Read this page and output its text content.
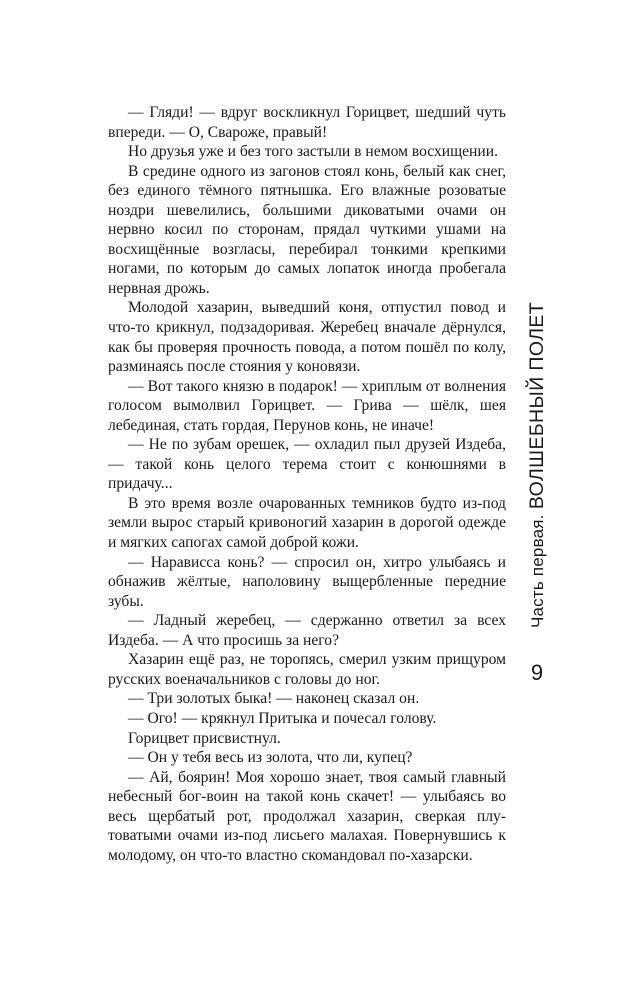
— Гляди! — вдруг воскликнул Горицвет, шедший чуть впереди. — О, Свароже, правый!

Но друзья уже и без того застыли в немом восхищении.

В средине одного из загонов стоял конь, белый как снег, без единого тёмного пятнышка. Его влажные розоватые ноздри шевелились, большими диковатыми очами он нервно косил по сторонам, прядал чуткими ушами на восхищённые возгласы, перебирал тонкими крепкими ногами, по которым до самых лопаток иногда пробегала нервная дрожь.

Молодой хазарин, выведший коня, отпустил повод и что-то крикнул, подзадоривая. Жеребец вначале дёрнулся, как бы проверяя прочность повода, а потом пошёл по колу, разминаясь после стояния у коновязи.

— Вот такого князю в подарок! — хриплым от волнения голосом вымолвил Горицвет. — Грива — шёлк, шея лебединая, стать гордая, Перунов конь, не иначе!

— Не по зубам орешек, — охладил пыл друзей Издеба, — такой конь целого терема стоит с конюшнями в придачу...

В это время возле очарованных темников будто из-под земли вырос старый кривоногий хазарин в дорогой одежде и мягких сапогах самой доброй кожи.

— Нарависса конь? — спросил он, хитро улыбаясь и обнажив жёлтые, наполовину выщербленные передние зубы.

— Ладный жеребец, — сдержанно ответил за всех Издеба. — А что просишь за него?

Хазарин ещё раз, не торопясь, смерил узким прищуром русских военачальников с головы до ног.

— Три золотых быка! — наконец сказал он.

— Ого! — крякнул Притыка и почесал голову.

Горицвет присвистнул.

— Он у тебя весь из золота, что ли, купец?

— Ай, боярин! Моя хорошо знает, твоя самый главный небесный бог-воин на такой конь скачет! — улыбаясь во весь щербатый рот, продолжал хазарин, сверкая плутоватыми очами из-под лисьего малахая. Повернувшись к молодому, он что-то властно скомандовал по-хазарски.

Часть первая. ВОЛШЕБНЫЙ ПОЛЕТ
9
